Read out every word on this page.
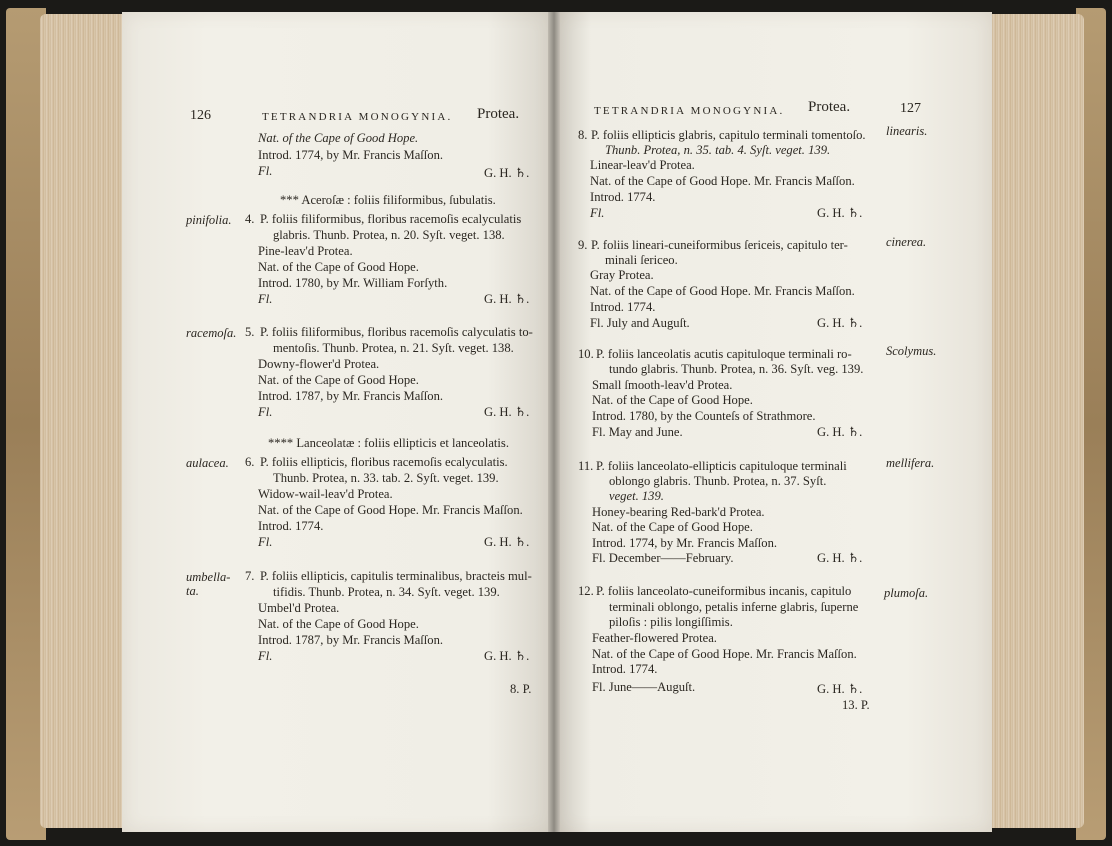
126	TETRANDRIA MONOGYNIA. Protea.
Nat. of the Cape of Good Hope.
Introd. 1774, by Mr. Francis Maſſon.
Fl.	G. H. ♄.
*** Aceroſæ : foliis filiformibus, ſubulatis.
pinifolia. 4. P. foliis filiformibus, floribus racemoſis ecalyculatis
glabris. Thunb. Protea, n. 20. Syſt. veget. 138.
Pine-leav'd Protea.
Nat. of the Cape of Good Hope.
Introd. 1780, by Mr. William Forſyth.
Fl.	G. H. ♄.
racemoſa. 5. P. foliis filiformibus, floribus racemoſis calyculatis to-
mentoſis. Thunb. Protea, n. 21. Syſt. veget. 138.
Downy-flower'd Protea.
Nat. of the Cape of Good Hope.
Introd. 1787, by Mr. Francis Maſſon.
Fl.	G. H. ♄.
**** Lanceolatæ : foliis ellipticis et lanceolatis.
aulacea. 6. P. foliis ellipticis, floribus racemoſis ecalyculatis.
Thunb. Protea, n. 33. tab. 2. Syſt. veget. 139.
Widow-wail-leav'd Protea.
Nat. of the Cape of Good Hope. Mr. Francis Maſſon.
Introd. 1774.
Fl.	G. H. ♄.
umbella-
ta.
7. P. foliis ellipticis, capitulis terminalibus, bracteis mul-
tifidis. Thunb. Protea, n. 34. Syſt. veget. 139.
Umbel'd Protea.
Nat. of the Cape of Good Hope.
Introd. 1787, by Mr. Francis Maſſon.
Fl.	G. H. ♄.
8. P.
TETRANDRIA MONOGYNIA. Protea.	127
8. P. foliis ellipticis glabris, capitulo terminali tomentoſo. linearis.
Thunb. Protea, n. 35. tab. 4. Syſt. veget. 139.
Linear-leav'd Protea.
Nat. of the Cape of Good Hope. Mr. Francis Maſſon.
Introd. 1774.
Fl.	G. H. ♄.
9. P. foliis lineari-cuneiformibus ſericeis, capitulo ter-	cinerea.
minali ſericeo.
Gray Protea.
Nat. of the Cape of Good Hope. Mr. Francis Maſſon.
Introd. 1774.
Fl. July and Auguſt.	G. H. ♄.
10. P. foliis lanceolatis acutis capituloque terminali ro-	Scolymus.
tundo glabris. Thunb. Protea, n. 36. Syſt. veg. 139.
Small ſmooth-leav'd Protea.
Nat. of the Cape of Good Hope.
Introd. 1780, by the Counteſs of Strathmore.
Fl. May and June.	G. H. ♄.
11. P. foliis lanceolato-ellipticis capituloque terminali	mellifera.
oblongo glabris. Thunb. Protea, n. 37. Syſt.
veget. 139.
Honey-bearing Red-bark'd Protea.
Nat. of the Cape of Good Hope.
Introd. 1774, by Mr. Francis Maſſon.
Fl. December——February.	G. H. ♄.
12. P. foliis lanceolato-cuneiformibus incanis, capitulo	plumoſa.
terminali oblongo, petalis inferne glabris, ſuperne
piloſis : pilis longiſſimis.
Feather-flowered Protea.
Nat. of the Cape of Good Hope. Mr. Francis Maſſon.
Introd. 1774.
Fl. June——Auguſt.	G. H. ♄.
13. P.
